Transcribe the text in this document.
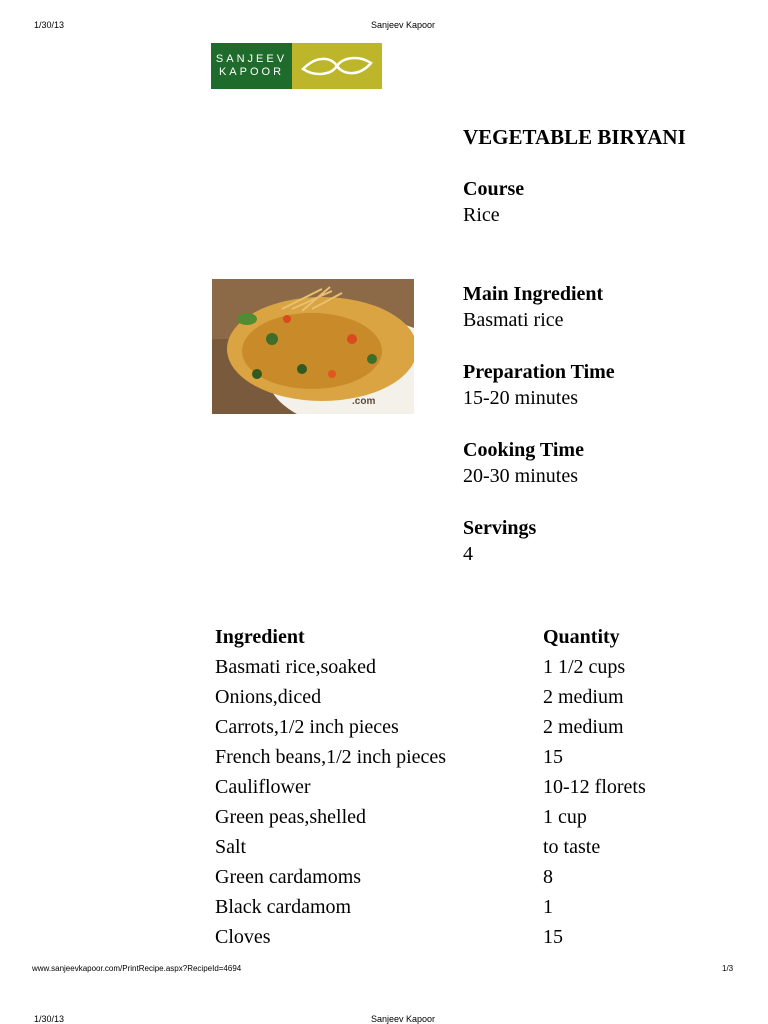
1/30/13	Sanjeev Kapoor
SANJEEV
KAPOOR
VEGETABLE BIRYANI
Course
Rice
.com
Main Ingredient
Basmati rice
Preparation Time
15-20 minutes
Cooking Time
20-30 minutes
Servings
4
Ingredient	Quantity
Basmati rice,soaked	1 1/2 cups
Onions,diced	2 medium
Carrots,1/2 inch pieces	2 medium
French beans,1/2 inch pieces	15
Cauliflower	10-12 florets
Green peas,shelled	1 cup
Salt	to taste
Green cardamoms	8
Black cardamom	1
Cloves	15
www.sanjeevkapoor.com/PrintRecipe.aspx?RecipeId=4694	1/3
1/30/13	Sanjeev Kapoor
